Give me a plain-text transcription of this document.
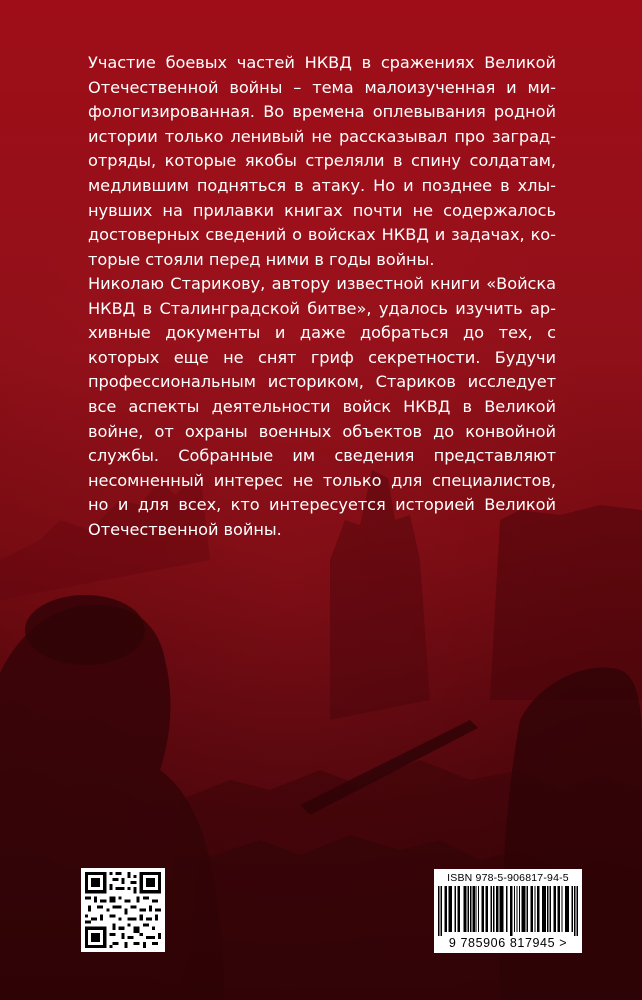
Участие боевых частей НКВД в сражениях Великой Отечественной войны – тема малоизученная и мифологизированная. Во времена оплевывания родной истории только ленивый не рассказывал про заградотряды, которые якобы стреляли в спину солдатам, медлившим подняться в атаку. Но и позднее в хлынувших на прилавки книгах почти не содержалось достоверных сведений о войсках НКВД и задачах, которые стояли перед ними в годы войны.
Николаю Старикову, автору известной книги «Войска НКВД в Сталинградской битве», удалось изучить архивные документы и даже добраться до тех, с которых еще не снят гриф секретности. Будучи профессиональным историком, Стариков исследует все аспекты деятельности войск НКВД в Великой войне, от охраны военных объектов до конвойной службы. Собранные им сведения представляют несомненный интерес не только для специалистов, но и для всех, кто интересуется историей Великой Отечественной войны.
ISBN 978-5-906817-94-5
9 785906 817945 >
